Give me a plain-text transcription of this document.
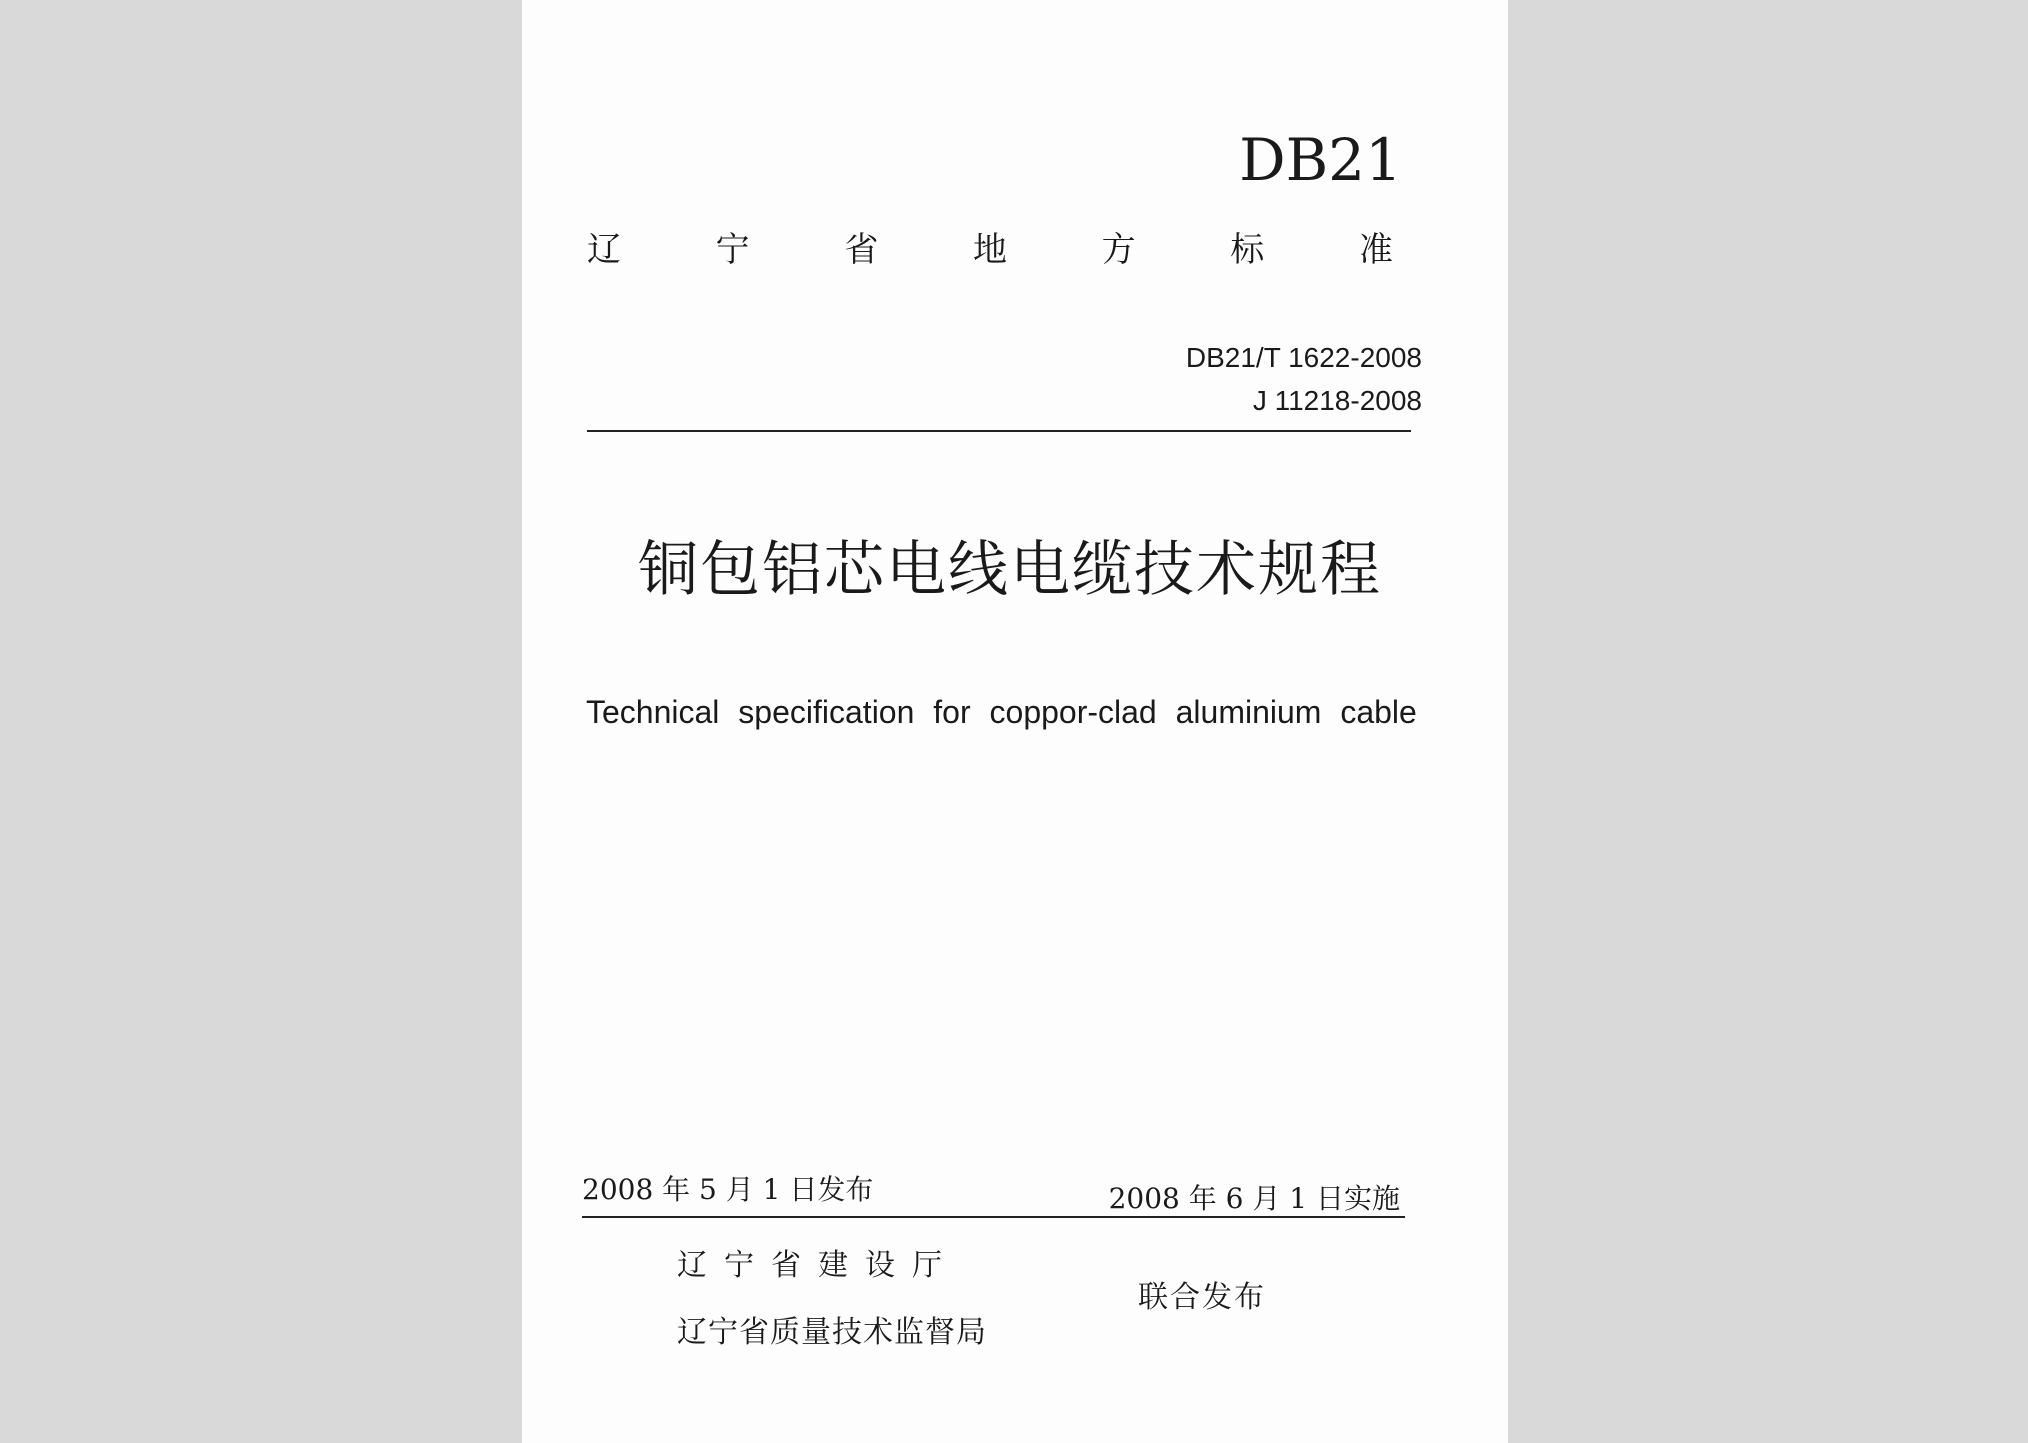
DB21
辽	宁	省	地	方	标	准
DB21/T 1622-2008
J 11218-2008
铜包铝芯电线电缆技术规程
Technical specification for coppor-clad aluminium cable
2008 年 5 月 1 日发布	2008 年 6 月 1 日实施
辽宁省建设厅
辽宁省质量技术监督局
联合发布
